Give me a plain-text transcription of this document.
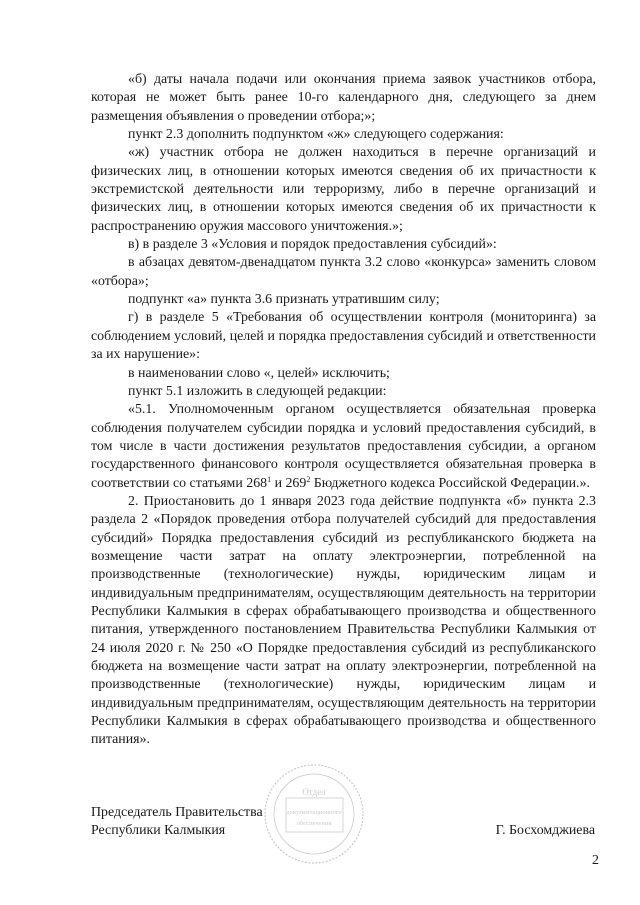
«б) даты начала подачи или окончания приема заявок участников отбора, которая не может быть ранее 10-го календарного дня, следующего за днем размещения объявления о проведении отбора;»;

пункт 2.3 дополнить подпунктом «ж» следующего содержания:

«ж) участник отбора не должен находиться в перечне организаций и физических лиц, в отношении которых имеются сведения об их причастности к экстремистской деятельности или терроризму, либо в перечне организаций и физических лиц, в отношении которых имеются сведения об их причастности к распространению оружия массового уничтожения.»;

в) в разделе 3 «Условия и порядок предоставления субсидий»:

в абзацах девятом-двенадцатом пункта 3.2 слово «конкурса» заменить словом «отбора»;

подпункт «а» пункта 3.6 признать утратившим силу;

г) в разделе 5 «Требования об осуществлении контроля (мониторинга) за соблюдением условий, целей и порядка предоставления субсидий и ответственности за их нарушение»:

в наименовании слово «, целей» исключить;

пункт 5.1 изложить в следующей редакции:

«5.1. Уполномоченным органом осуществляется обязательная проверка соблюдения получателем субсидии порядка и условий предоставления субсидий, в том числе в части достижения результатов предоставления субсидии, а органом государственного финансового контроля осуществляется обязательная проверка в соответствии со статьями $268^1$ и $269^2$ Бюджетного кодекса Российской Федерации.».

2. Приостановить до 1 января 2023 года действие подпункта «б» пункта 2.3 раздела 2 «Порядок проведения отбора получателей субсидий для предоставления субсидий» Порядка предоставления субсидий из республиканского бюджета на возмещение части затрат на оплату электроэнергии, потребленной на производственные (технологические) нужды, юридическим лицам и индивидуальным предпринимателям, осуществляющим деятельность на территории Республики Калмыкия в сферах обрабатывающего производства и общественного питания, утвержденного постановлением Правительства Республики Калмыкия от 24 июля 2020 г. № 250 «О Порядке предоставления субсидий из республиканского бюджета на возмещение части затрат на оплату электроэнергии, потребленной на производственные (технологические) нужды, юридическим лицам и индивидуальным предпринимателям, осуществляющим деятельность на территории Республики Калмыкия в сферах обрабатывающего производства и общественного питания».

Отдел
документационного
обеспечения
Председатель Правительства
Республики Калмыкия	Г. Босхомджиева
2
